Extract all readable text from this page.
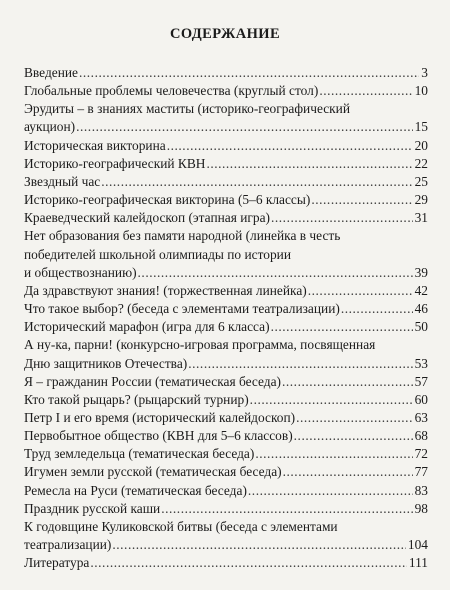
СОДЕРЖАНИЕ
Введение . . .	3
Глобальные проблемы человечества (круглый стол) . . .	10
Эрудиты – в знаниях маститы (историко-географический
аукцион) . . .	15
Историческая викторина . . .	20
Историко-географический КВН . . .	22
Звездный час . . .	25
Историко-географическая викторина (5–6 классы) . . .	29
Краеведческий калейдоскоп (этапная игра) . . .	31
Нет образования без памяти народной (линейка в честь
победителей школьной олимпиады по истории
и обществознанию) . . .	39
Да здравствуют знания! (торжественная линейка) . . .	42
Что такое выбор? (беседа с элементами театрализации) . . .	46
Исторический марафон (игра для 6 класса) . . .	50
А ну-ка, парни! (конкурсно-игровая программа, посвященная
Дню защитников Отечества) . . .	53
Я – гражданин России (тематическая беседа) . . .	57
Кто такой рыцарь? (рыцарский турнир) . . .	60
Петр I и его время (исторический калейдоскоп) . . .	63
Первобытное общество (КВН для 5–6 классов) . . .	68
Труд земледельца (тематическая беседа) . . .	72
Игумен земли русской (тематическая беседа) . . .	77
Ремесла на Руси (тематическая беседа) . . .	83
Праздник русской каши . . .	98
К годовщине Куликовской битвы (беседа с элементами
театрализации) . . .	104
Литература . . .	111
